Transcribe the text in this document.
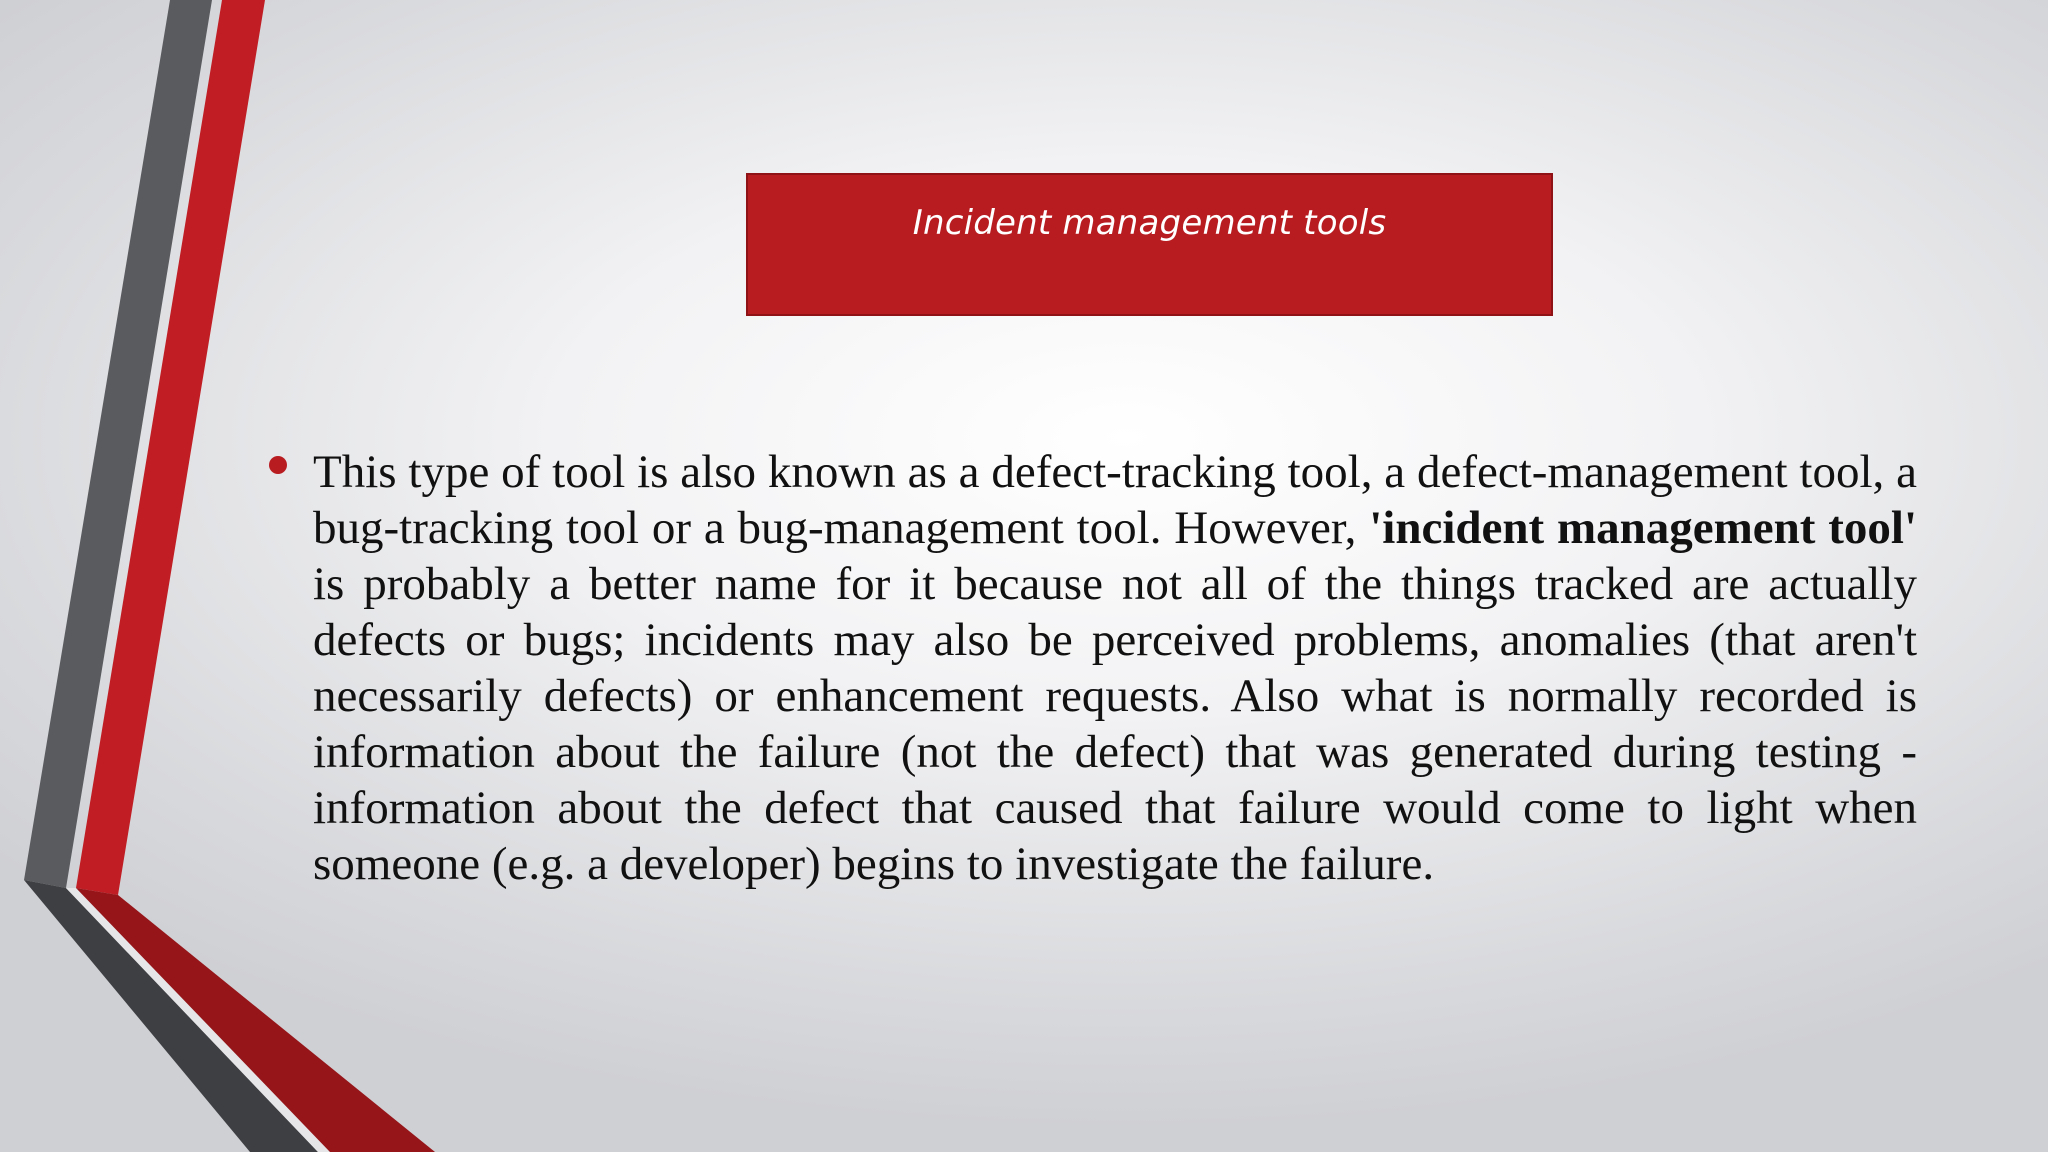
Incident management tools
This type of tool is also known as a defect-tracking tool, a defect-management tool, a bug-tracking tool or a bug-management tool. However, 'incident management tool' is probably a better name for it because not all of the things tracked are actually defects or bugs; incidents may also be perceived problems, anomalies (that aren't necessarily defects) or enhancement requests. Also what is normally recorded is information about the failure (not the defect) that was generated during testing - information about the defect that caused that failure would come to light when someone (e.g. a developer) begins to investigate the failure.
